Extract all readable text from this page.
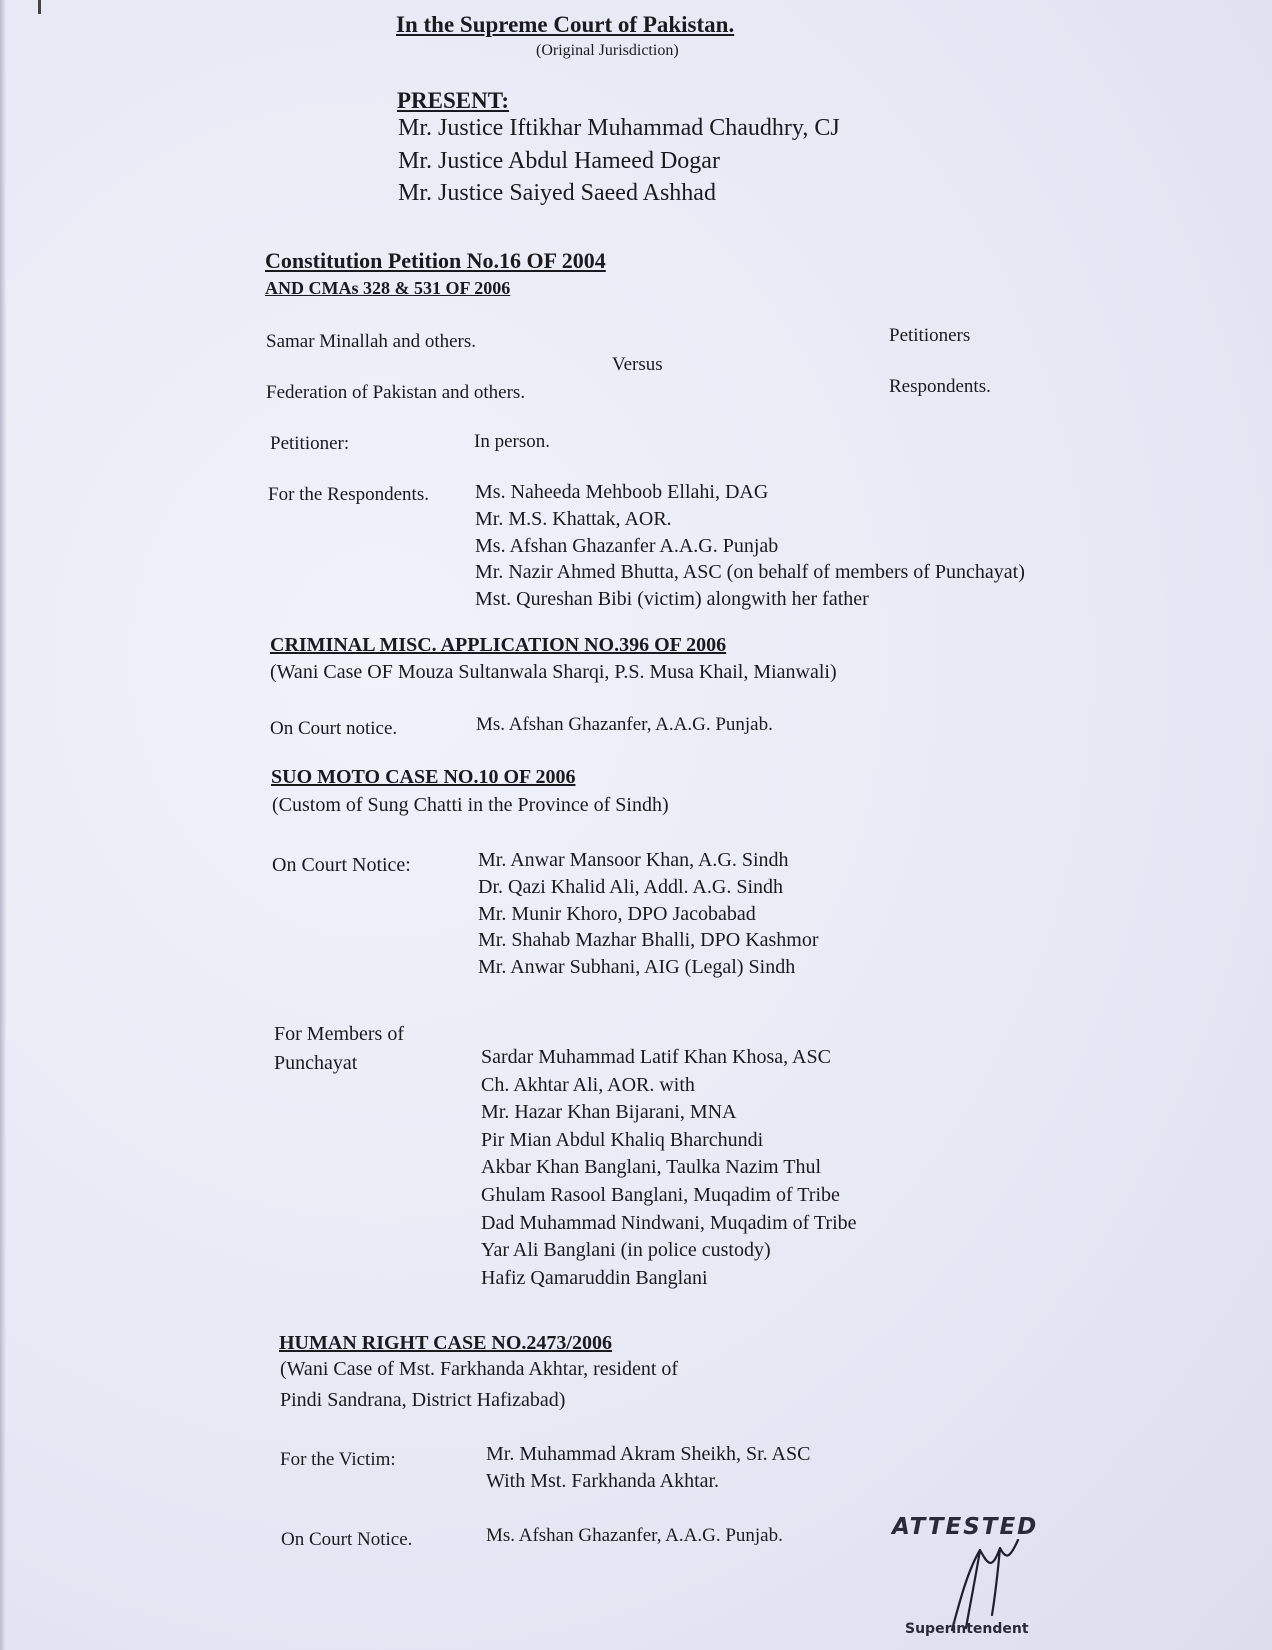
In the Supreme Court of Pakistan.
(Original Jurisdiction)
PRESENT:
Mr. Justice Iftikhar Muhammad Chaudhry, CJ
Mr. Justice Abdul Hameed Dogar
Mr. Justice Saiyed Saeed Ashhad
Constitution Petition No.16 OF 2004
AND CMAs 328 & 531 OF 2006
Samar Minallah and others.	Petitioners
Versus
Federation of Pakistan and others.	Respondents.
Petitioner:	In person.
For the Respondents. Ms. Naheeda Mehboob Ellahi, DAG
Mr. M.S. Khattak, AOR.
Ms. Afshan Ghazanfer A.A.G. Punjab
Mr. Nazir Ahmed Bhutta, ASC (on behalf of members of Punchayat)
Mst. Qureshan Bibi (victim) alongwith her father
CRIMINAL MISC. APPLICATION NO.396 OF 2006
(Wani Case OF Mouza Sultanwala Sharqi, P.S. Musa Khail, Mianwali)
On Court notice.	Ms. Afshan Ghazanfer, A.A.G. Punjab.
SUO MOTO CASE NO.10 OF 2006
(Custom of Sung Chatti in the Province of Sindh)
On Court Notice:	Mr. Anwar Mansoor Khan, A.G. Sindh
Dr. Qazi Khalid Ali, Addl. A.G. Sindh
Mr. Munir Khoro, DPO Jacobabad
Mr. Shahab Mazhar Bhalli, DPO Kashmor
Mr. Anwar Subhani, AIG (Legal) Sindh
For Members of
Punchayat	Sardar Muhammad Latif Khan Khosa, ASC
Ch. Akhtar Ali, AOR. with
Mr. Hazar Khan Bijarani, MNA
Pir Mian Abdul Khaliq Bharchundi
Akbar Khan Banglani, Taulka Nazim Thul
Ghulam Rasool Banglani, Muqadim of Tribe
Dad Muhammad Nindwani, Muqadim of Tribe
Yar Ali Banglani (in police custody)
Hafiz Qamaruddin Banglani
HUMAN RIGHT CASE NO.2473/2006
(Wani Case of Mst. Farkhanda Akhtar, resident of
Pindi Sandrana, District Hafizabad)
For the Victim:	Mr. Muhammad Akram Sheikh, Sr. ASC
With Mst. Farkhanda Akhtar.
On Court Notice.	Ms. Afshan Ghazanfer, A.A.G. Punjab.	ATTESTED
Superintendent
